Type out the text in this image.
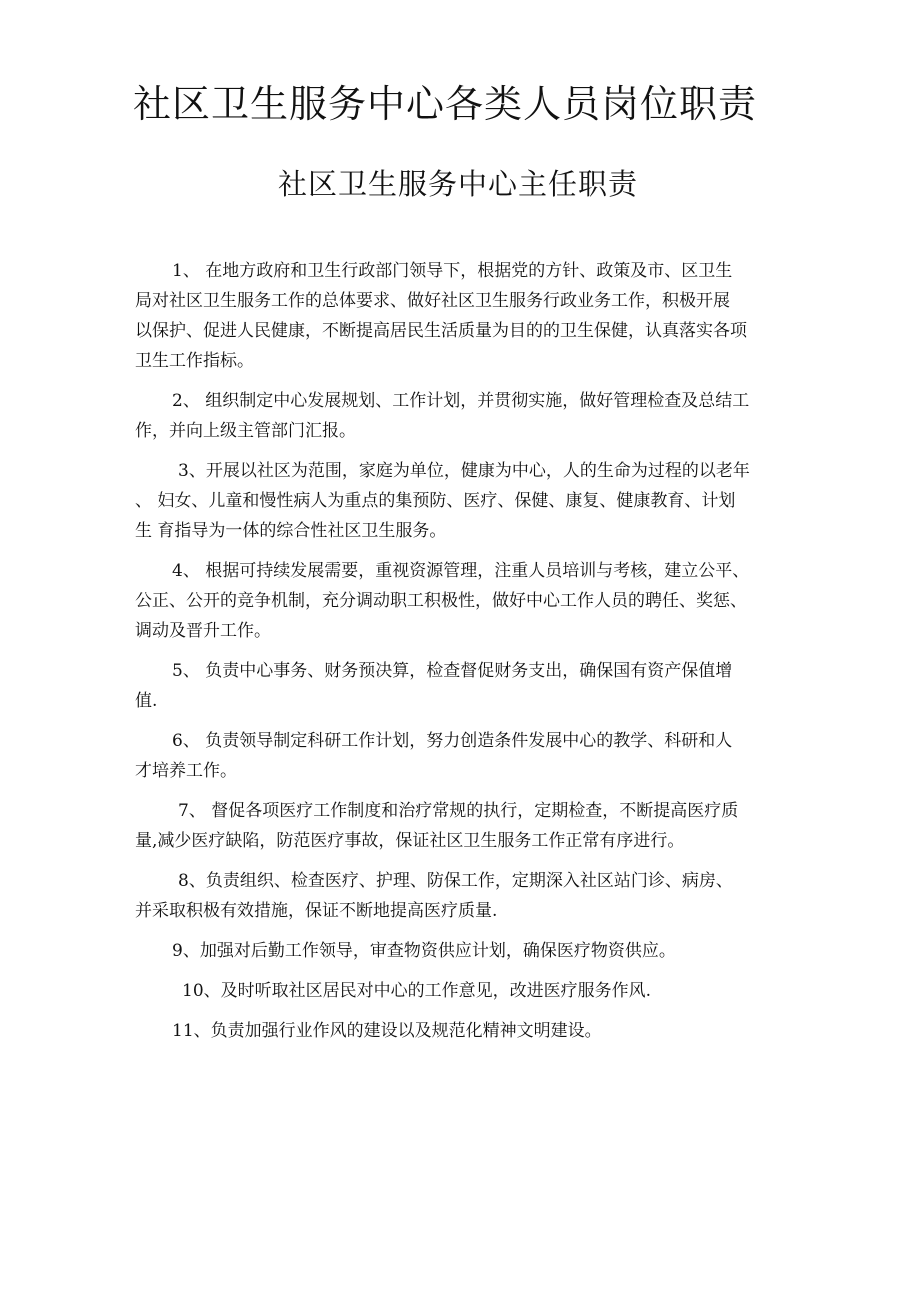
社区卫生服务中心各类人员岗位职责
社区卫生服务中心主任职责

1、 在地方政府和卫生行政部门领导下，根据党的方针、政策及市、区卫生
局对社区卫生服务工作的总体要求、做好社区卫生服务行政业务工作，积极开展
以保护、促进人民健康，不断提高居民生活质量为目的的卫生保健，认真落实各项
卫生工作指标。

2、 组织制定中心发展规划、工作计划，并贯彻实施，做好管理检查及总结工
作，并向上级主管部门汇报。

3、开展以社区为范围，家庭为单位，健康为中心，人的生命为过程的以老年
、 妇女、儿童和慢性病人为重点的集预防、医疗、保健、康复、健康教育、计划
生 育指导为一体的综合性社区卫生服务。

4、 根据可持续发展需要，重视资源管理，注重人员培训与考核，建立公平、
公正、公开的竞争机制，充分调动职工积极性，做好中心工作人员的聘任、奖惩、
调动及晋升工作。

5、 负责中心事务、财务预决算，检查督促财务支出，确保国有资产保值增
值.

6、 负责领导制定科研工作计划，努力创造条件发展中心的教学、科研和人
才培养工作。

7、 督促各项医疗工作制度和治疗常规的执行，定期检查，不断提高医疗质
量,减少医疗缺陷，防范医疗事故，保证社区卫生服务工作正常有序进行。

8、负责组织、检查医疗、护理、防保工作，定期深入社区站门诊、病房、
并采取积极有效措施，保证不断地提高医疗质量.

9、加强对后勤工作领导，审查物资供应计划，确保医疗物资供应。

10、及时听取社区居民对中心的工作意见，改进医疗服务作风.

11、负责加强行业作风的建设以及规范化精神文明建设。
